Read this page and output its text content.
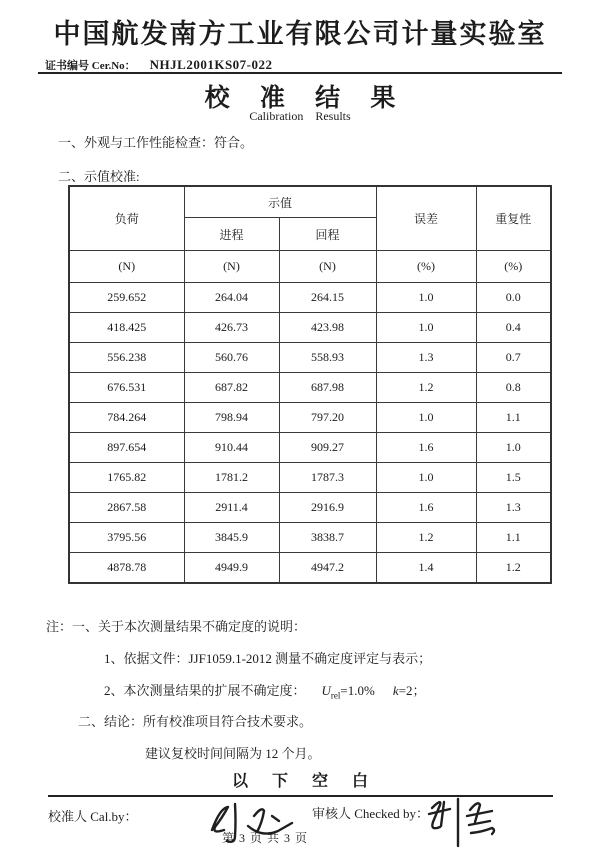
中国航发南方工业有限公司计量实验室
证书编号 Cer.No： NHJL2001KS07-022
校 准 结 果
Calibration    Results
一、外观与工作性能检查：符合。
二、示值校准:
负荷	示值		误差	重复性
	进程	回程		
(N)	(N)	(N)	(%)	(%)
259.652	264.04	264.15	1.0	0.0
418.425	426.73	423.98	1.0	0.4
556.238	560.76	558.93	1.3	0.7
676.531	687.82	687.98	1.2	0.8
784.264	798.94	797.20	1.0	1.1
897.654	910.44	909.27	1.6	1.0
1765.82	1781.2	1787.3	1.0	1.5
2867.58	2911.4	2916.9	1.6	1.3
3795.56	3845.9	3838.7	1.2	1.1
4878.78	4949.9	4947.2	1.4	1.2
注：一、关于本次测量结果不确定度的说明：
1、依据文件：JJF1059.1-2012 测量不确定度评定与表示；
2、本次测量结果的扩展不确定度： $U_{rel}=1.0\%$ k=2；
二、结论：所有校准项目符合技术要求。
建议复校时间间隔为 12 个月。
以 下 空 白
校准人 Cal.by：	审核人 Checked by：
第 3 页 共 3 页
